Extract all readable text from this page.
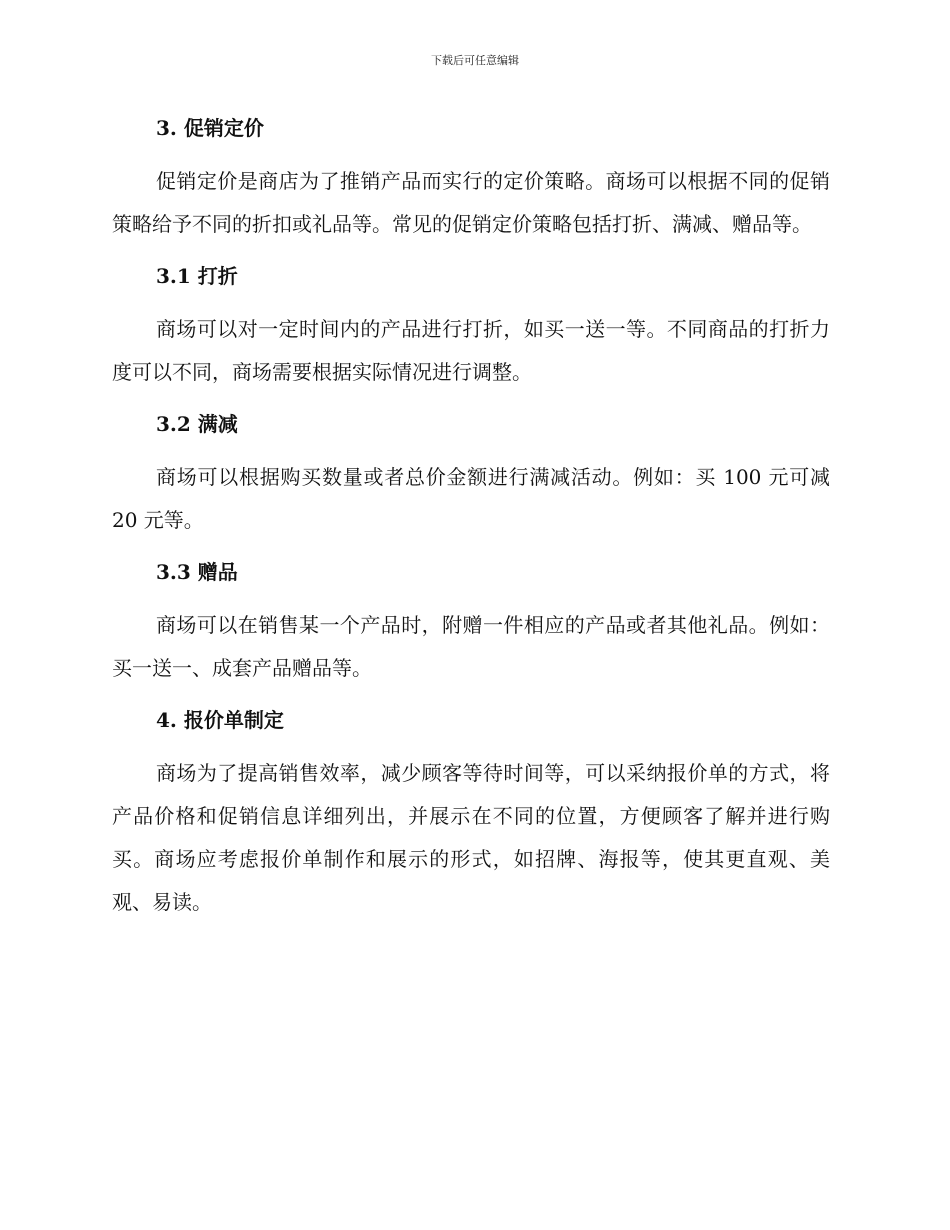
下载后可任意编辑
3. 促销定价

促销定价是商店为了推销产品而实行的定价策略。商场可以根据不同的促销策略给予不同的折扣或礼品等。常见的促销定价策略包括打折、满减、赠品等。

3.1 打折

商场可以对一定时间内的产品进行打折，如买一送一等。不同商品的打折力度可以不同，商场需要根据实际情况进行调整。

3.2 满减

商场可以根据购买数量或者总价金额进行满减活动。例如：买 100 元可减 20 元等。

3.3 赠品

商场可以在销售某一个产品时，附赠一件相应的产品或者其他礼品。例如：买一送一、成套产品赠品等。

4. 报价单制定

商场为了提高销售效率，减少顾客等待时间等，可以采纳报价单的方式，将产品价格和促销信息详细列出，并展示在不同的位置，方便顾客了解并进行购买。商场应考虑报价单制作和展示的形式，如招牌、海报等，使其更直观、美观、易读。
